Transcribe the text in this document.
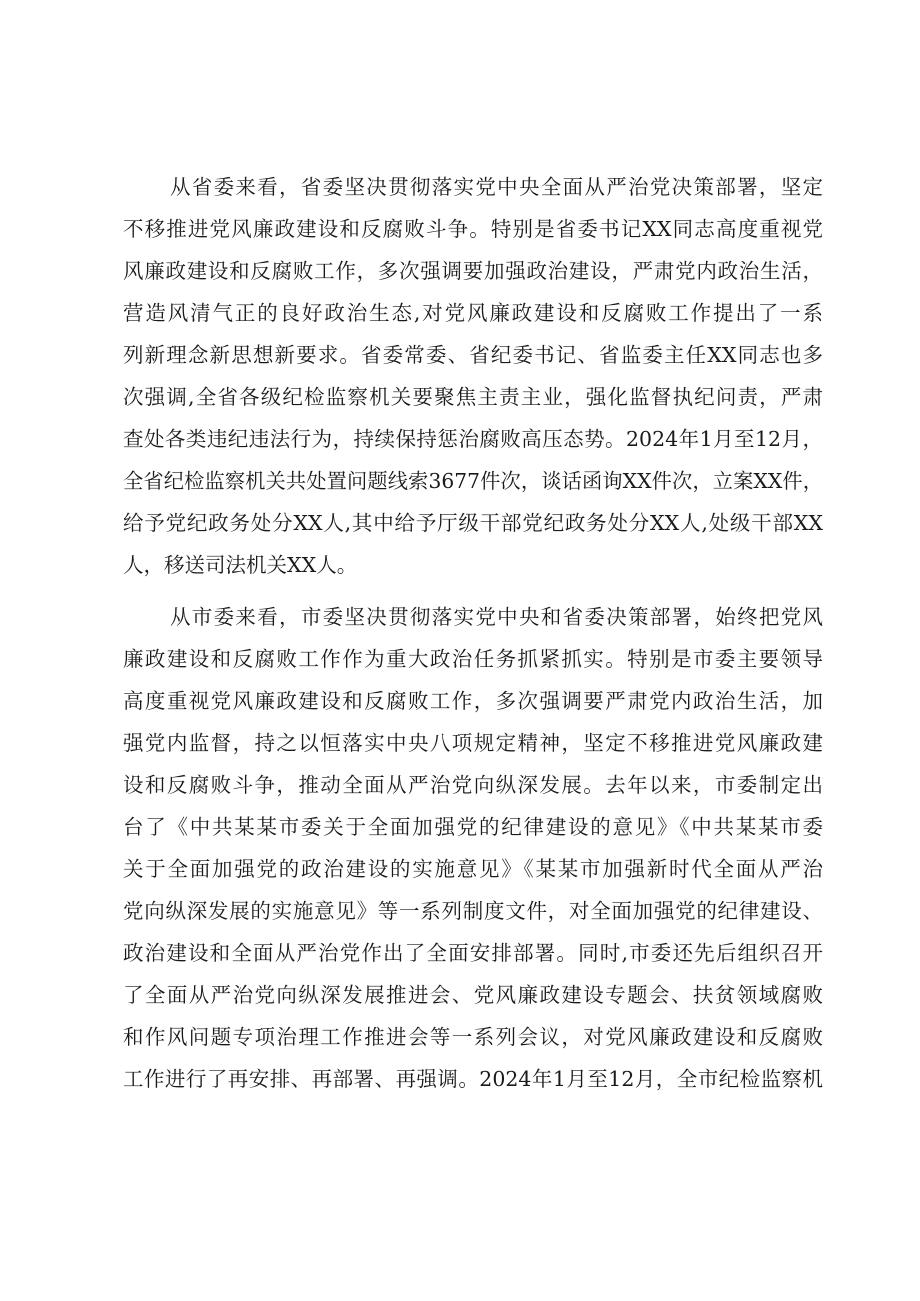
从省委来看，省委坚决贯彻落实党中央全面从严治党决策部署，坚定
不移推进党风廉政建设和反腐败斗争。特别是省委书记XX同志高度重视党
风廉政建设和反腐败工作，多次强调要加强政治建设，严肃党内政治生活，
营造风清气正的良好政治生态,对党风廉政建设和反腐败工作提出了一系
列新理念新思想新要求。省委常委、省纪委书记、省监委主任XX同志也多
次强调,全省各级纪检监察机关要聚焦主责主业，强化监督执纪问责，严肃
查处各类违纪违法行为，持续保持惩治腐败高压态势。2024年1月至12月，
全省纪检监察机关共处置问题线索3677件次，谈话函询XX件次，立案XX件，
给予党纪政务处分XX人,其中给予厅级干部党纪政务处分XX人,处级干部XX
人，移送司法机关XX人。
从市委来看，市委坚决贯彻落实党中央和省委决策部署，始终把党风
廉政建设和反腐败工作作为重大政治任务抓紧抓实。特别是市委主要领导
高度重视党风廉政建设和反腐败工作，多次强调要严肃党内政治生活，加
强党内监督，持之以恒落实中央八项规定精神，坚定不移推进党风廉政建
设和反腐败斗争，推动全面从严治党向纵深发展。去年以来，市委制定出
台了《中共某某市委关于全面加强党的纪律建设的意见》《中共某某市委
关于全面加强党的政治建设的实施意见》《某某市加强新时代全面从严治
党向纵深发展的实施意见》等一系列制度文件，对全面加强党的纪律建设、
政治建设和全面从严治党作出了全面安排部署。同时,市委还先后组织召开
了全面从严治党向纵深发展推进会、党风廉政建设专题会、扶贫领域腐败
和作风问题专项治理工作推进会等一系列会议，对党风廉政建设和反腐败
工作进行了再安排、再部署、再强调。2024年1月至12月，全市纪检监察机
